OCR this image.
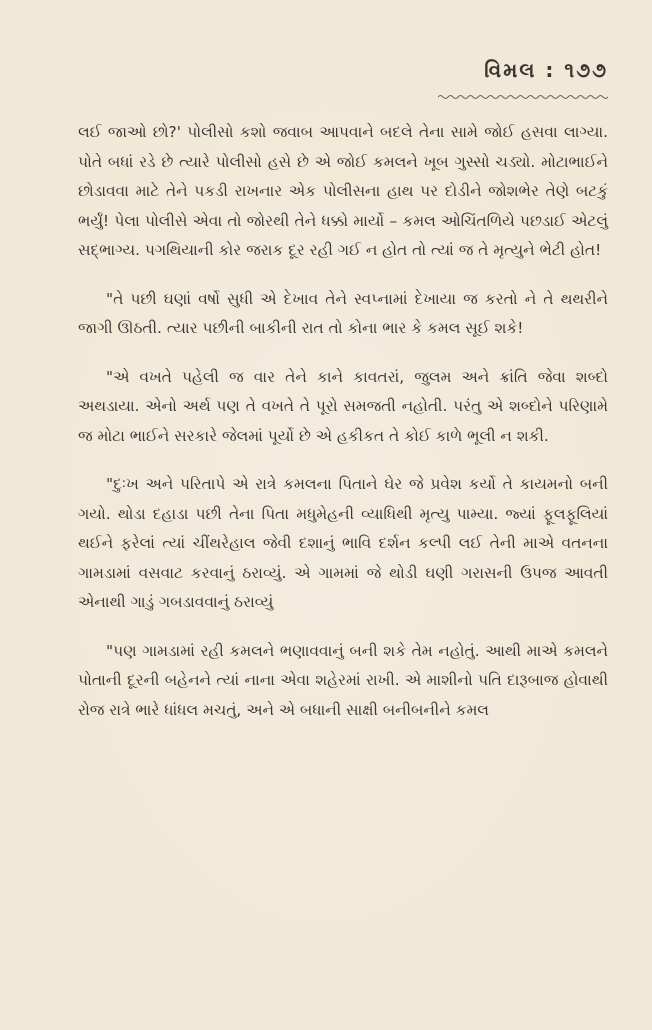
વિમલ : ૧૭૭

લઈ જાઓ છો?' પોલીસો કશો જવાબ આપવાને બદલે તેના સામે જોઈ હસવા લાગ્યા. પોતે બધાં રડે છે ત્યારે પોલીસો હસે છે એ જોઈ કમલને ખૂબ ગુસ્સો ચડ્યો. મોટાભાઈને છોડાવવા માટે તેને પકડી રાખનાર એક પોલીસના હાથ પર દોડીને જોશભેર તેણે બટકું ભર્યું! પેલા પોલીસે એવા તો જોરથી તેને ધક્કો માર્યો – કમલ ઓચિંતળિયે પછડાઈ એટલું સદ્‌ભાગ્ય. પગથિયાની કોર જરાક દૂર રહી ગઈ ન હોત તો ત્યાં જ તે મૃત્યુને ભેટી હોત!

"તે પછી ઘણાં વર્ષો સુધી એ દેખાવ તેને સ્વપ્નામાં દેખાયા જ કરતો ને તે થથરીને જાગી ઊઠતી. ત્યાર પછીની બાકીની રાત તો કોના ભાર કે કમલ સૂઈ શકે!

"એ વખતે પહેલી જ વાર તેને કાને કાવતરાં, જુલમ અને ક્રાંતિ જેવા શબ્દો અથડાયા. એનો અર્થ પણ તે વખતે તે પૂરો સમજતી નહોતી. પરંતુ એ શબ્દોને પરિણામે જ મોટા ભાઈને સરકારે જેલમાં પૂર્યો છે એ હકીકત તે કોઈ કાળે ભૂલી ન શકી.

"દુઃખ અને પરિતાપે એ રાત્રે કમલના પિતાને ઘેર જે પ્રવેશ કર્યો તે કાયમનો બની ગયો. થોડા દહાડા પછી તેના પિતા મધુમેહની વ્યાધિથી મૃત્યુ પામ્યા. જ્યાં ફૂલફૂલિયાં થઈને ફરેલાં ત્યાં ચીંથરેહાલ જેવી દશાનું ભાવિ દર્શન કલ્પી લઈ તેની માએ વતનના ગામડામાં વસવાટ કરવાનું ઠરાવ્યું. એ ગામમાં જે થોડી ઘણી ગરાસની ઉપજ આવતી એનાથી ગાડું ગબડાવવાનું ઠરાવ્યું

"પણ ગામડામાં રહી કમલને ભણાવવાનું બની શકે તેમ નહોતું. આથી માએ કમલને પોતાની દૂરની બહેનને ત્યાં નાના એવા શહેરમાં રાખી. એ માશીનો પતિ દારૂબાજ હોવાથી રોજ રાત્રે ભારે ધાંધલ મચતું, અને એ બધાની સાક્ષી બનીબનીને કમલ
